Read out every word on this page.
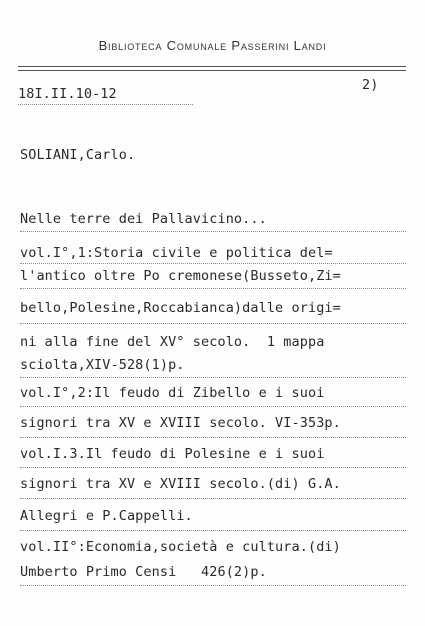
Biblioteca Comunale Passerini Landi
18I.II.10-12
2)
SOLIANI,Carlo.
Nelle terre dei Pallavicino...
vol.I°,1:Storia civile e politica del=
l'antico oltre Po cremonese(Busseto,Zi=
bello,Polesine,Roccabianca)dalle origi=
ni alla fine del XV° secolo.  1 mappa
sciolta,XIV-528(1)p.
vol.I°,2:Il feudo di Zibello e i suoi
signori tra XV e XVIII secolo. VI-353p.
vol.I.3.Il feudo di Polesine e i suoi
signori tra XV e XVIII secolo.(di) G.A.
Allegri e P.Cappelli.
vol.II°:Economia,società e cultura.(di)
Umberto Primo Censi   426(2)p.
